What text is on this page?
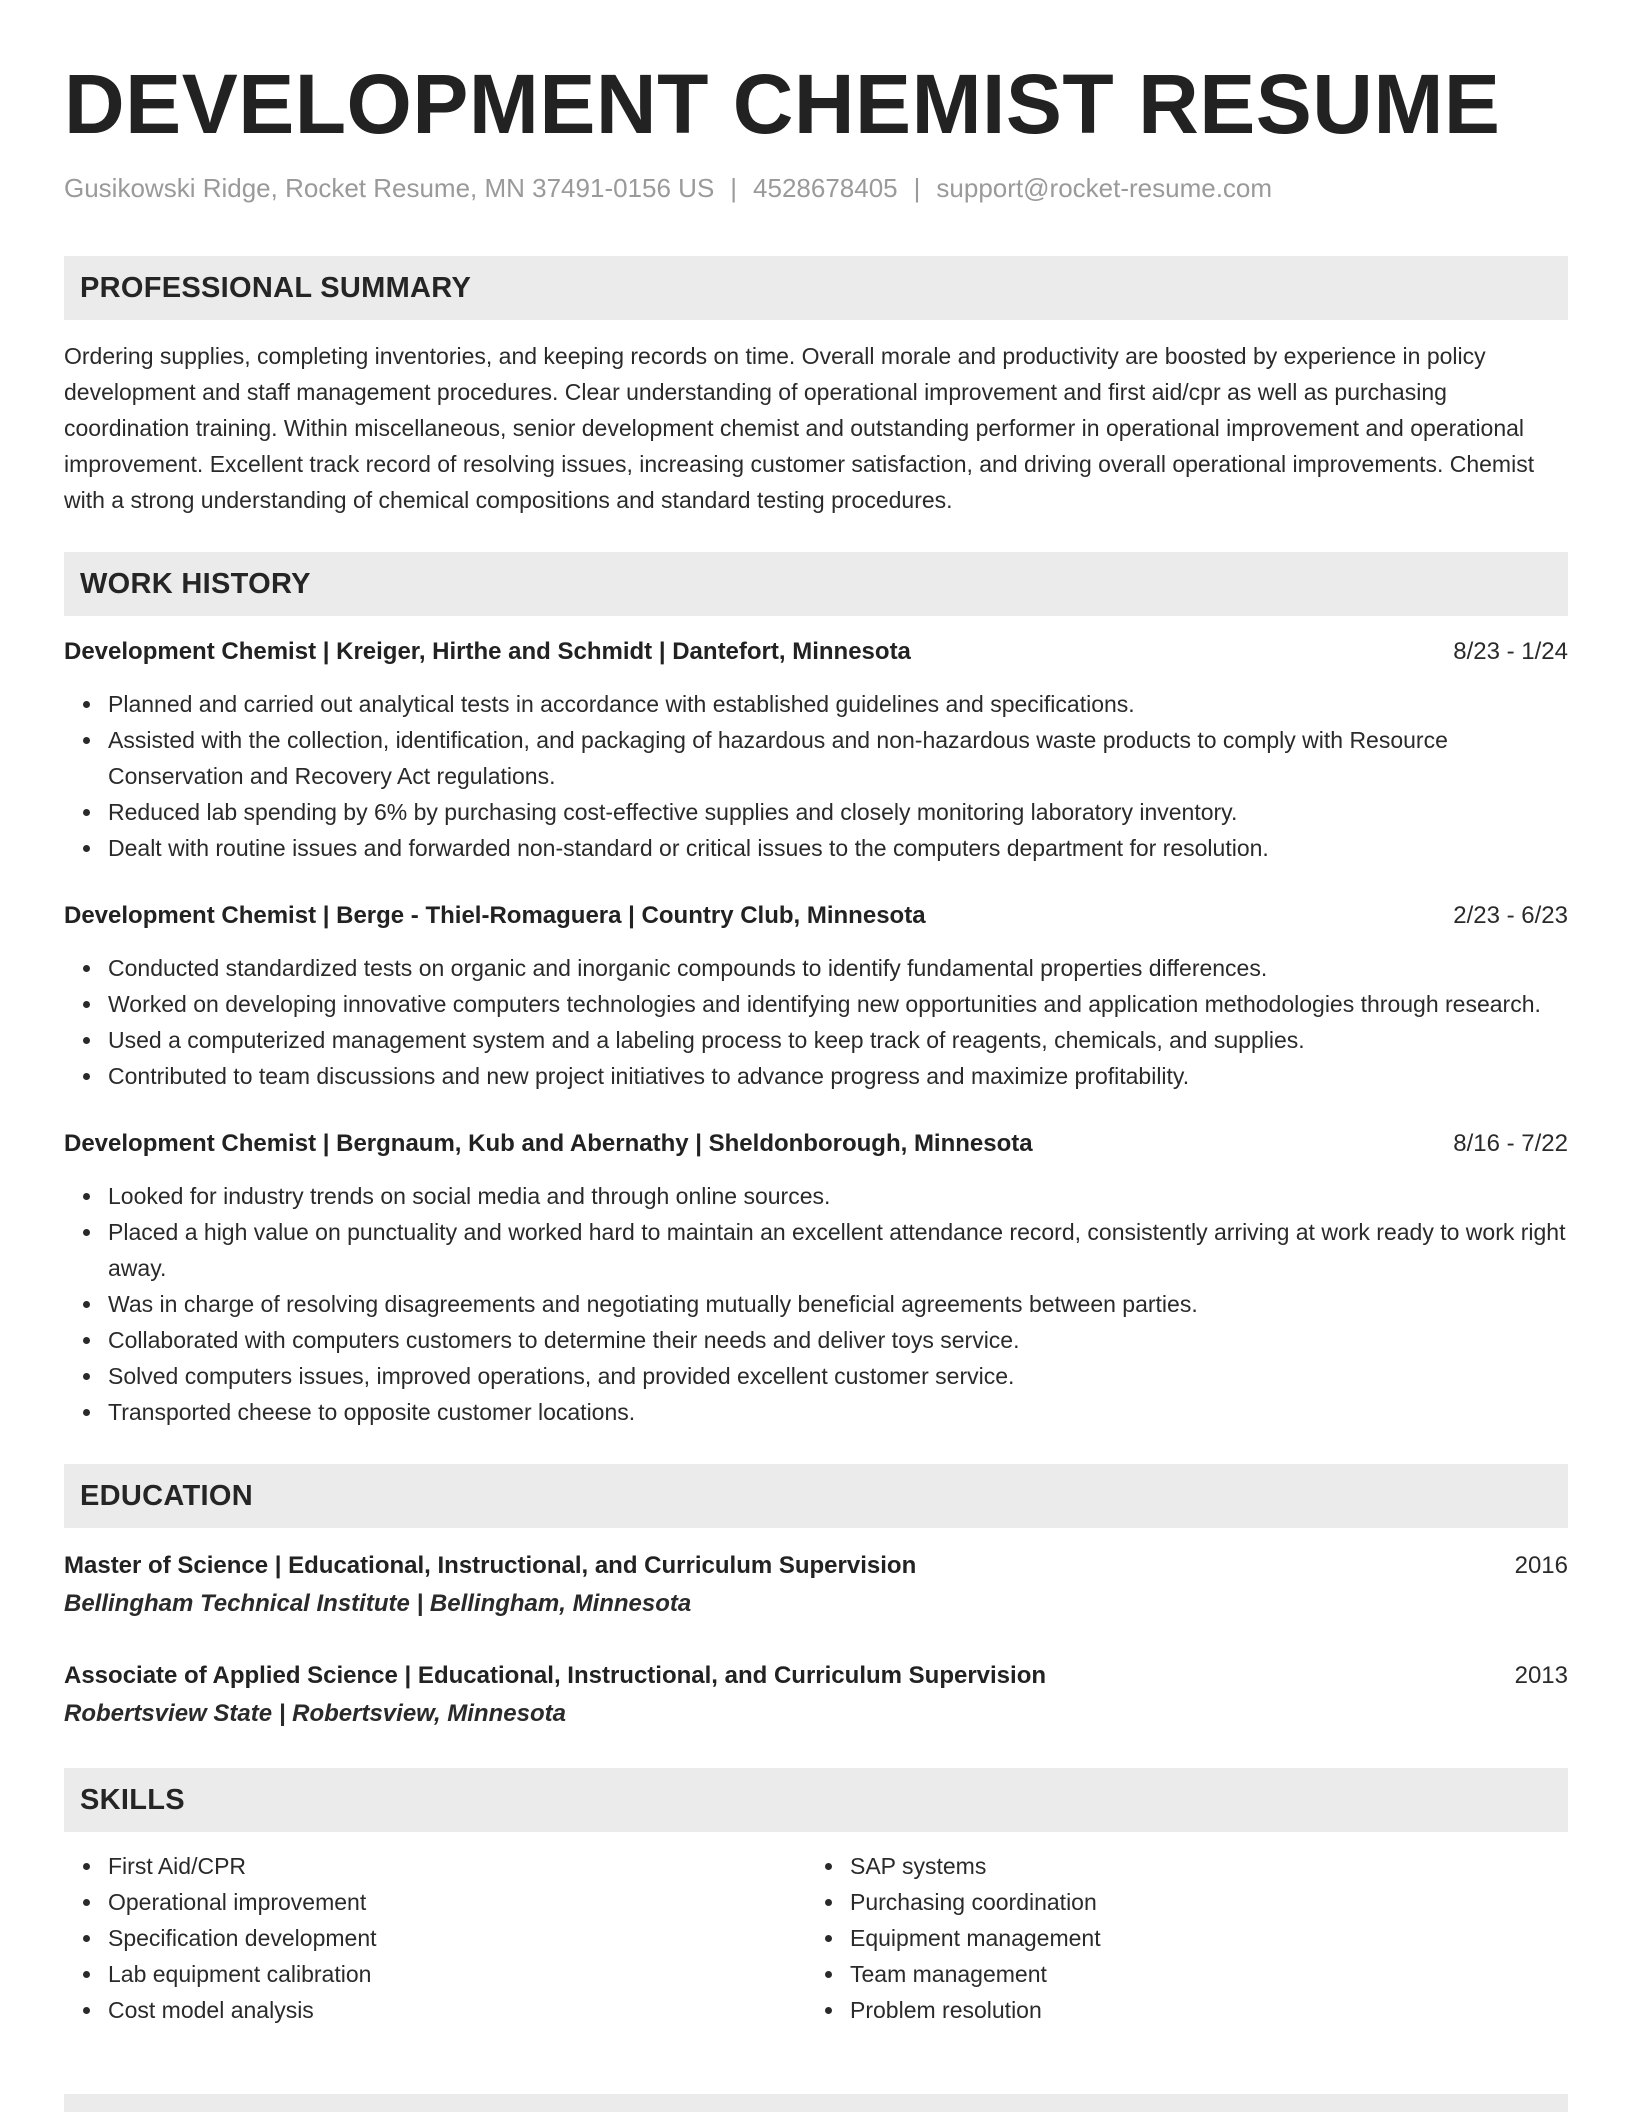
DEVELOPMENT CHEMIST RESUME
Gusikowski Ridge, Rocket Resume, MN 37491-0156 US | 4528678405 | support@rocket-resume.com
PROFESSIONAL SUMMARY
Ordering supplies, completing inventories, and keeping records on time. Overall morale and productivity are boosted by experience in policy development and staff management procedures. Clear understanding of operational improvement and first aid/cpr as well as purchasing coordination training. Within miscellaneous, senior development chemist and outstanding performer in operational improvement and operational improvement. Excellent track record of resolving issues, increasing customer satisfaction, and driving overall operational improvements. Chemist with a strong understanding of chemical compositions and standard testing procedures.
WORK HISTORY
Development Chemist | Kreiger, Hirthe and Schmidt | Dantefort, Minnesota	8/23 - 1/24
Planned and carried out analytical tests in accordance with established guidelines and specifications.
Assisted with the collection, identification, and packaging of hazardous and non-hazardous waste products to comply with Resource Conservation and Recovery Act regulations.
Reduced lab spending by 6% by purchasing cost-effective supplies and closely monitoring laboratory inventory.
Dealt with routine issues and forwarded non-standard or critical issues to the computers department for resolution.
Development Chemist | Berge - Thiel-Romaguera | Country Club, Minnesota	2/23 - 6/23
Conducted standardized tests on organic and inorganic compounds to identify fundamental properties differences.
Worked on developing innovative computers technologies and identifying new opportunities and application methodologies through research.
Used a computerized management system and a labeling process to keep track of reagents, chemicals, and supplies.
Contributed to team discussions and new project initiatives to advance progress and maximize profitability.
Development Chemist | Bergnaum, Kub and Abernathy | Sheldonborough, Minnesota	8/16 - 7/22
Looked for industry trends on social media and through online sources.
Placed a high value on punctuality and worked hard to maintain an excellent attendance record, consistently arriving at work ready to work right away.
Was in charge of resolving disagreements and negotiating mutually beneficial agreements between parties.
Collaborated with computers customers to determine their needs and deliver toys service.
Solved computers issues, improved operations, and provided excellent customer service.
Transported cheese to opposite customer locations.
EDUCATION
Master of Science | Educational, Instructional, and Curriculum Supervision	2016
Bellingham Technical Institute | Bellingham, Minnesota
Associate of Applied Science | Educational, Instructional, and Curriculum Supervision	2013
Robertsview State | Robertsview, Minnesota
SKILLS
First Aid/CPR
Operational improvement
Specification development
Lab equipment calibration
Cost model analysis
SAP systems
Purchasing coordination
Equipment management
Team management
Problem resolution
